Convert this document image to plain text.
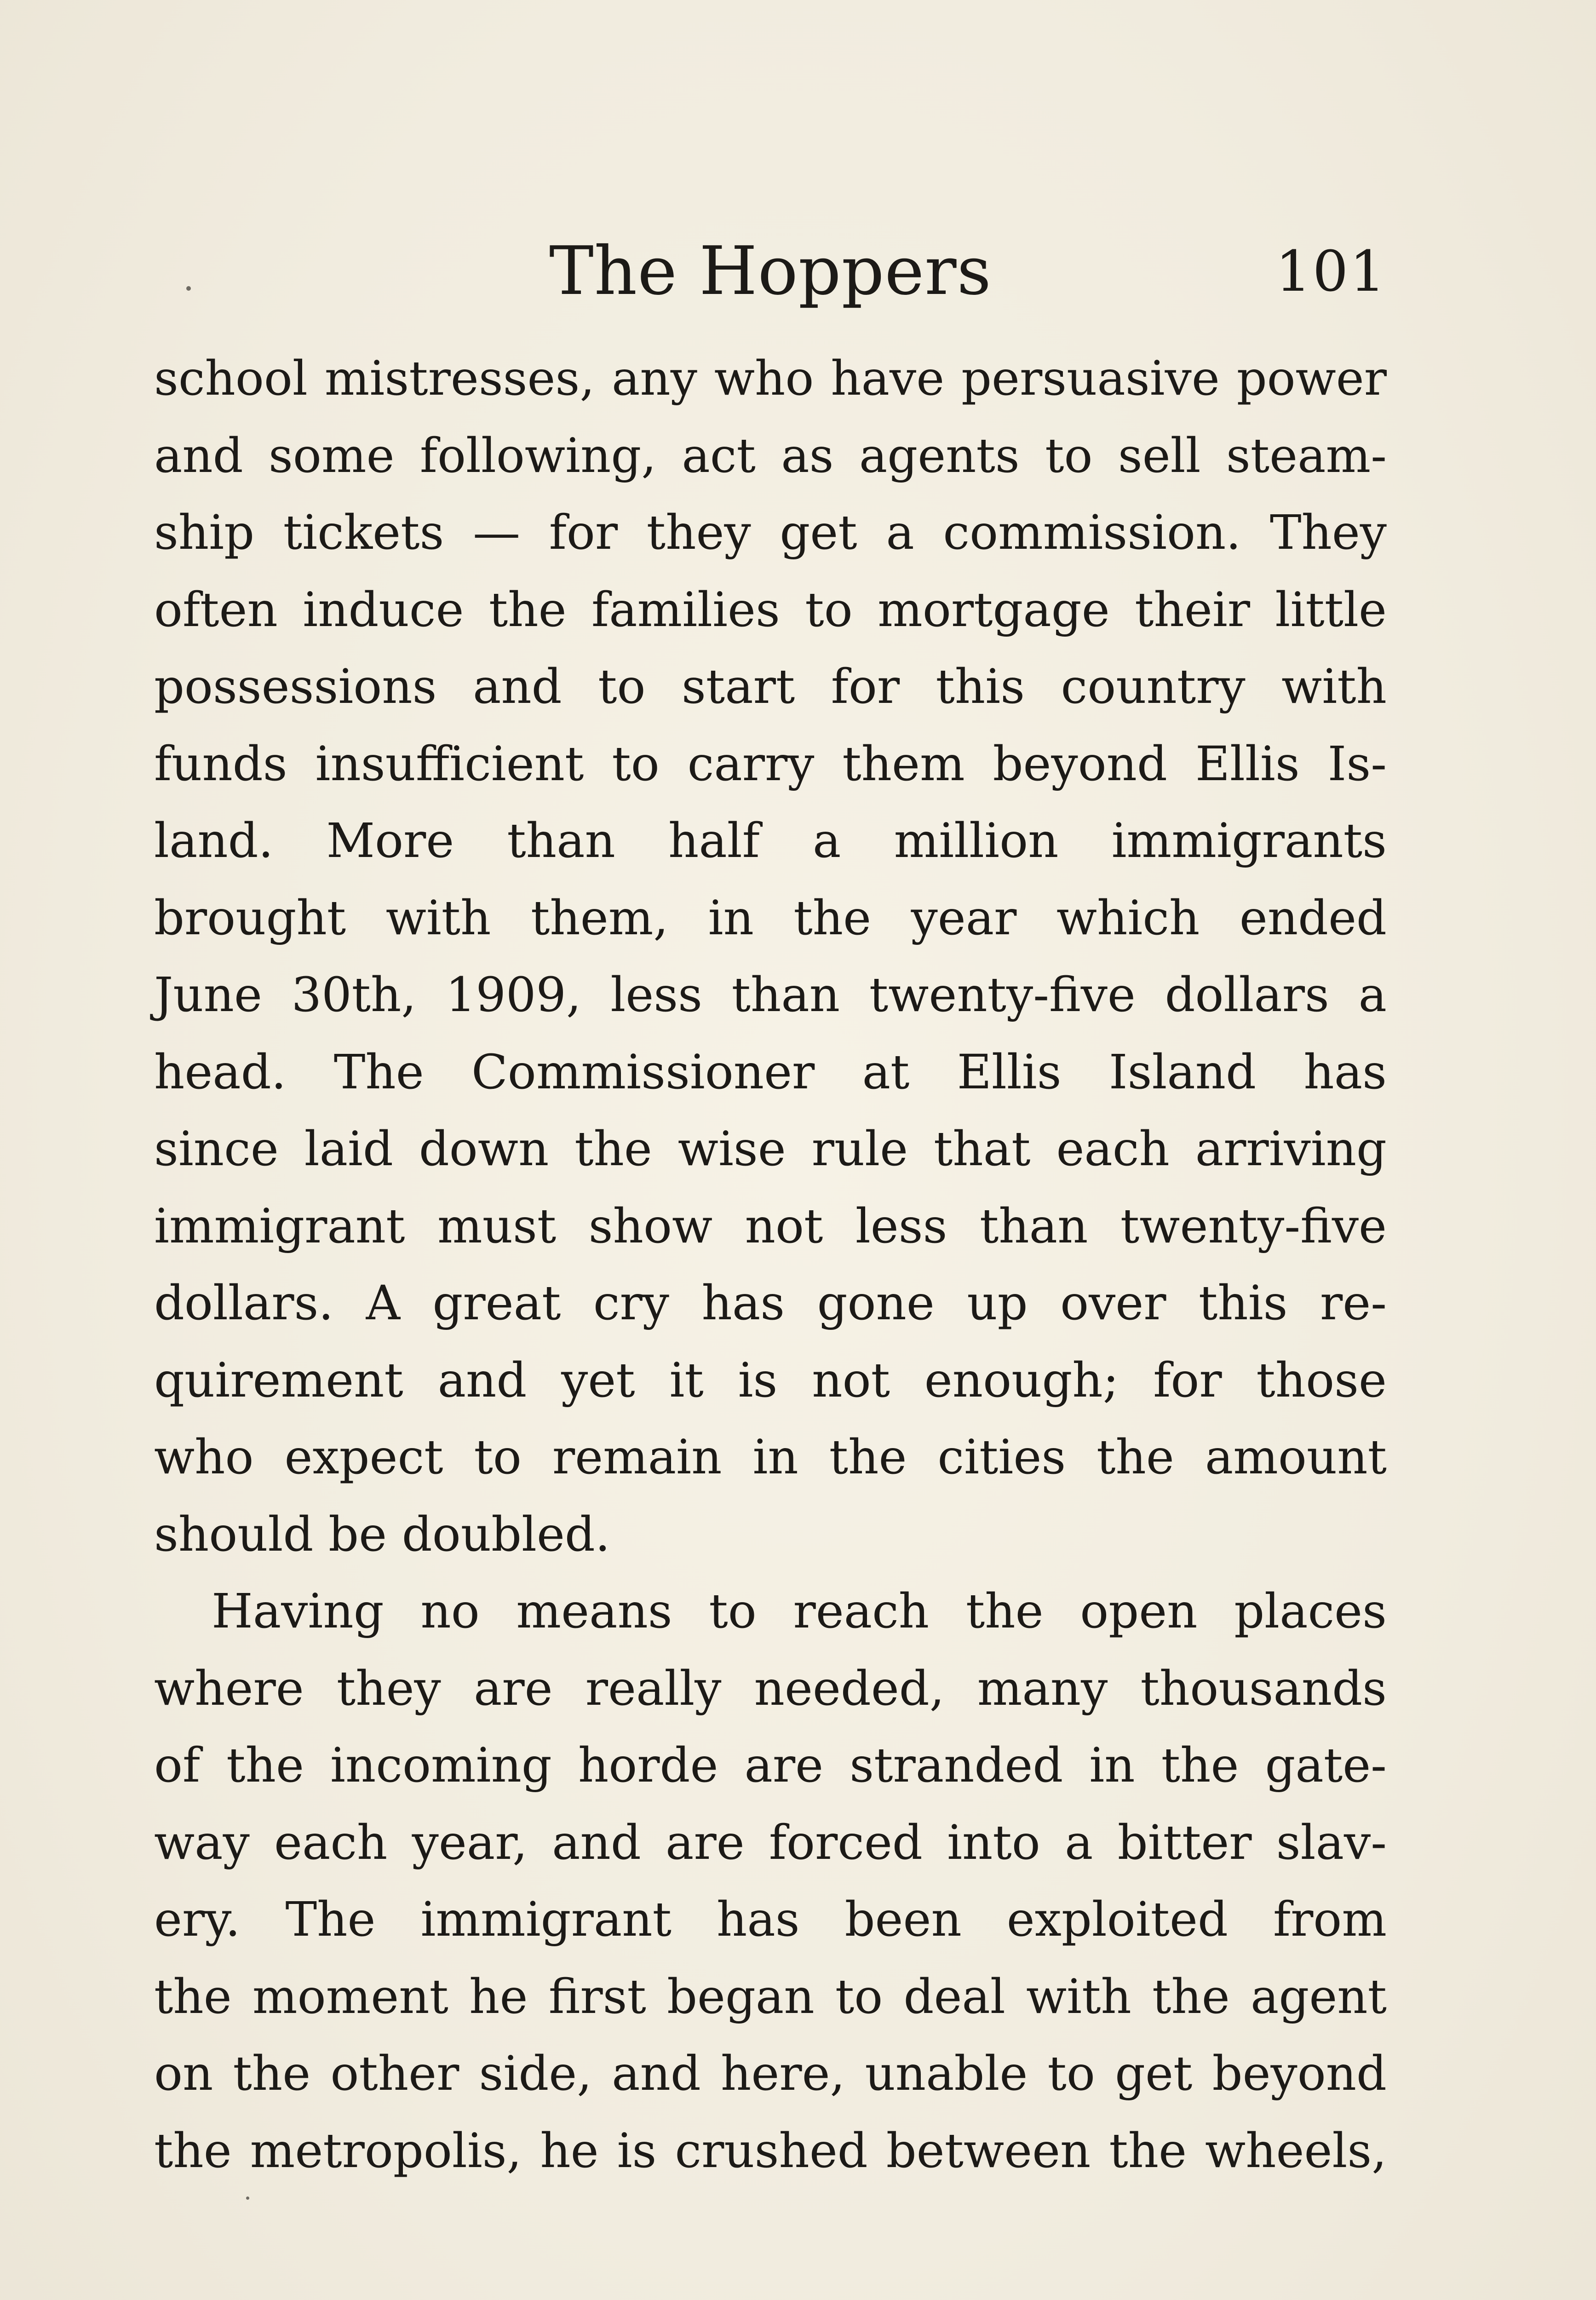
The Hoppers	101
school mistresses, any who have persuasive power
and some following, act as agents to sell steam-
ship tickets — for they get a commission. They
often induce the families to mortgage their little
possessions and to start for this country with
funds insufficient to carry them beyond Ellis Is-
land. More than half a million immigrants
brought with them, in the year which ended
June 30th, 1909, less than twenty-five dollars a
head. The Commissioner at Ellis Island has
since laid down the wise rule that each arriving
immigrant must show not less than twenty-five
dollars. A great cry has gone up over this re-
quirement and yet it is not enough; for those
who expect to remain in the cities the amount
should be doubled.
Having no means to reach the open places
where they are really needed, many thousands
of the incoming horde are stranded in the gate-
way each year, and are forced into a bitter slav-
ery. The immigrant has been exploited from
the moment he first began to deal with the agent
on the other side, and here, unable to get beyond
the metropolis, he is crushed between the wheels,
